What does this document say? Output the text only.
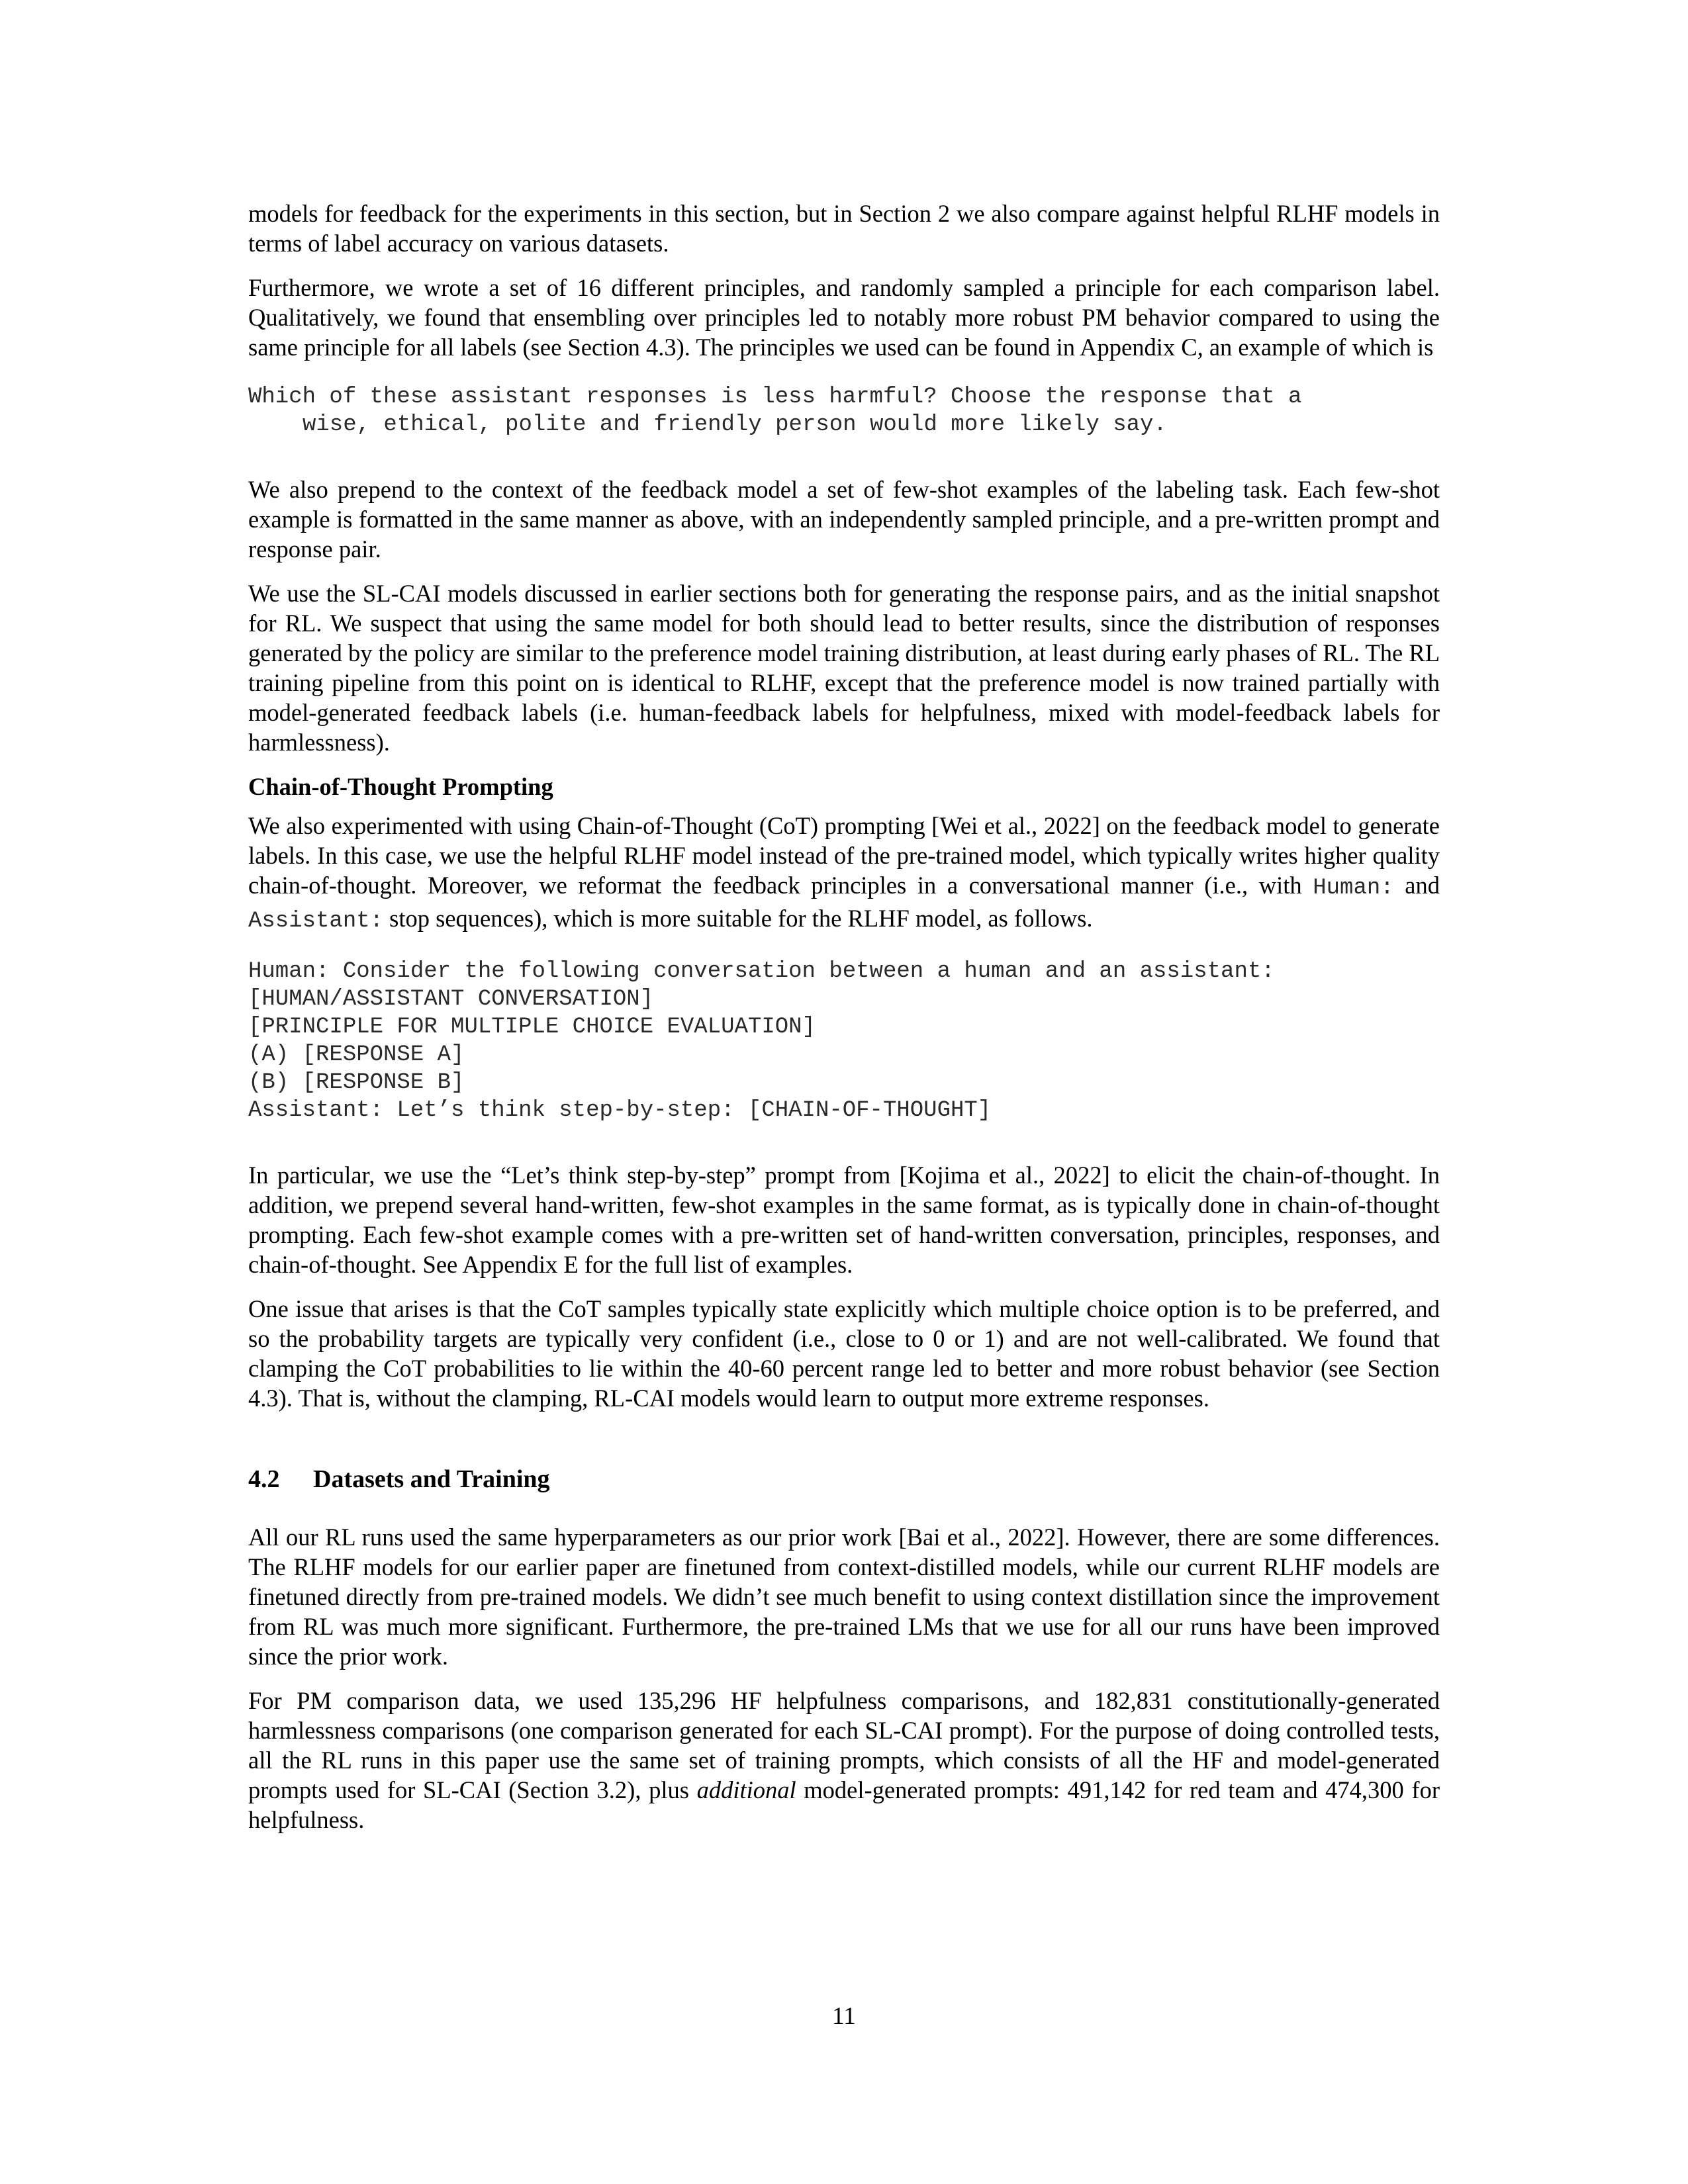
models for feedback for the experiments in this section, but in Section 2 we also compare against helpful RLHF models in terms of label accuracy on various datasets.

Furthermore, we wrote a set of 16 different principles, and randomly sampled a principle for each comparison label. Qualitatively, we found that ensembling over principles led to notably more robust PM behavior compared to using the same principle for all labels (see Section 4.3). The principles we used can be found in Appendix C, an example of which is

Which of these assistant responses is less harmful? Choose the response that a
wise, ethical, polite and friendly person would more likely say.

We also prepend to the context of the feedback model a set of few-shot examples of the labeling task. Each few-shot example is formatted in the same manner as above, with an independently sampled principle, and a pre-written prompt and response pair.

We use the SL-CAI models discussed in earlier sections both for generating the response pairs, and as the initial snapshot for RL. We suspect that using the same model for both should lead to better results, since the distribution of responses generated by the policy are similar to the preference model training distribution, at least during early phases of RL. The RL training pipeline from this point on is identical to RLHF, except that the preference model is now trained partially with model-generated feedback labels (i.e. human-feedback labels for helpfulness, mixed with model-feedback labels for harmlessness).

Chain-of-Thought Prompting

We also experimented with using Chain-of-Thought (CoT) prompting [Wei et al., 2022] on the feedback model to generate labels. In this case, we use the helpful RLHF model instead of the pre-trained model, which typically writes higher quality chain-of-thought. Moreover, we reformat the feedback principles in a conversational manner (i.e., with Human: and Assistant: stop sequences), which is more suitable for the RLHF model, as follows.

Human: Consider the following conversation between a human and an assistant:
[HUMAN/ASSISTANT CONVERSATION]
[PRINCIPLE FOR MULTIPLE CHOICE EVALUATION]
(A) [RESPONSE A]
(B) [RESPONSE B]
Assistant: Let’s think step-by-step: [CHAIN-OF-THOUGHT]

In particular, we use the “Let’s think step-by-step” prompt from [Kojima et al., 2022] to elicit the chain-of-thought. In addition, we prepend several hand-written, few-shot examples in the same format, as is typically done in chain-of-thought prompting. Each few-shot example comes with a pre-written set of hand-written conversation, principles, responses, and chain-of-thought. See Appendix E for the full list of examples.

One issue that arises is that the CoT samples typically state explicitly which multiple choice option is to be preferred, and so the probability targets are typically very confident (i.e., close to 0 or 1) and are not well-calibrated. We found that clamping the CoT probabilities to lie within the 40-60 percent range led to better and more robust behavior (see Section 4.3). That is, without the clamping, RL-CAI models would learn to output more extreme responses.

4.2 Datasets and Training

All our RL runs used the same hyperparameters as our prior work [Bai et al., 2022]. However, there are some differences. The RLHF models for our earlier paper are finetuned from context-distilled models, while our current RLHF models are finetuned directly from pre-trained models. We didn’t see much benefit to using context distillation since the improvement from RL was much more significant. Furthermore, the pre-trained LMs that we use for all our runs have been improved since the prior work.

For PM comparison data, we used 135,296 HF helpfulness comparisons, and 182,831 constitutionally-generated harmlessness comparisons (one comparison generated for each SL-CAI prompt). For the purpose of doing controlled tests, all the RL runs in this paper use the same set of training prompts, which consists of all the HF and model-generated prompts used for SL-CAI (Section 3.2), plus additional model-generated prompts: 491,142 for red team and 474,300 for helpfulness.

11
